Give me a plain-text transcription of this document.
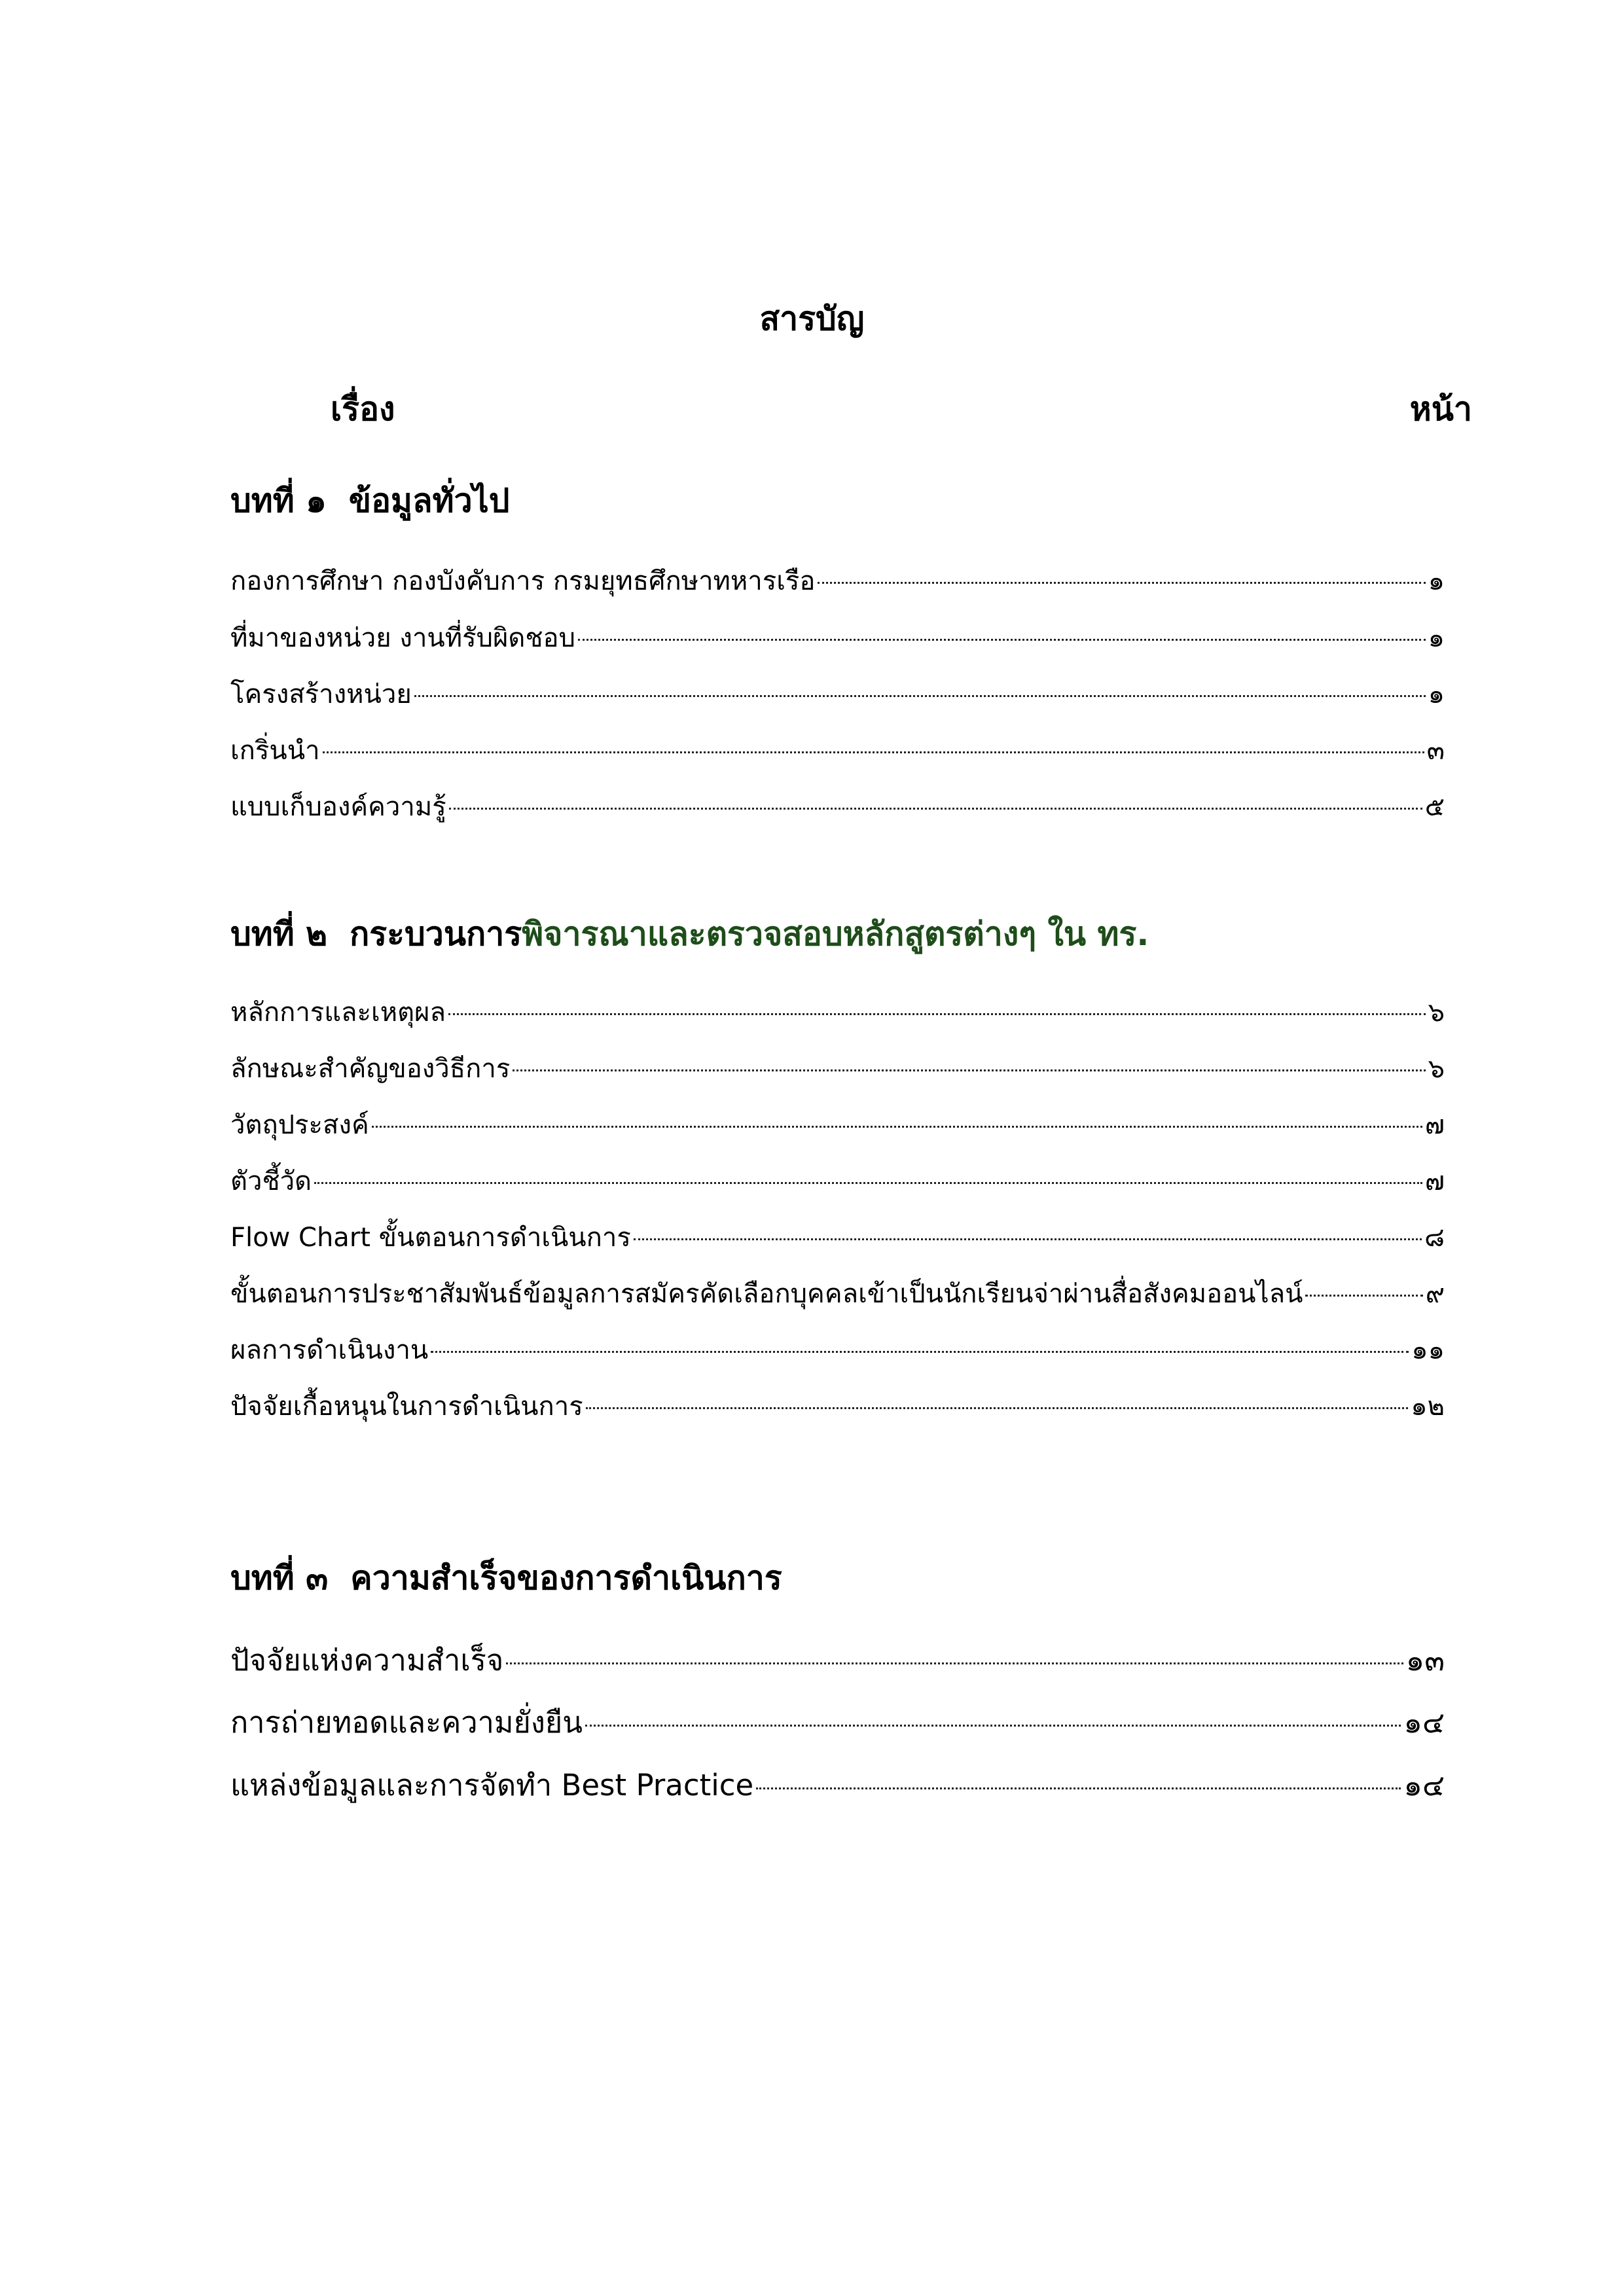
สารบัญ
เรื่อง	หน้า
บทที่ ๑ ข้อมูลทั่วไป
กองการศึกษา กองบังคับการ กรมยุทธศึกษาทหารเรือ	๑
ที่มาของหน่วย งานที่รับผิดชอบ	๑
โครงสร้างหน่วย	๑
เกริ่นนำ	๓
แบบเก็บองค์ความรู้	๕
บทที่ ๒ กระบวนการพิจารณาและตรวจสอบหลักสูตรต่างๆ ใน ทร.
หลักการและเหตุผล	๖
ลักษณะสำคัญของวิธีการ	๖
วัตถุประสงค์	๗
ตัวชี้วัด	๗
Flow Chart ขั้นตอนการดำเนินการ	๘
ขั้นตอนการประชาสัมพันธ์ข้อมูลการสมัครคัดเลือกบุคคลเข้าเป็นนักเรียนจ่าผ่านสื่อสังคมออนไลน์	๙
ผลการดำเนินงาน	๑๑
ปัจจัยเกื้อหนุนในการดำเนินการ	๑๒
บทที่ ๓ ความสำเร็จของการดำเนินการ
ปัจจัยแห่งความสำเร็จ	๑๓
การถ่ายทอดและความยั่งยืน	๑๔
แหล่งข้อมูลและการจัดทำ Best Practice	๑๔
